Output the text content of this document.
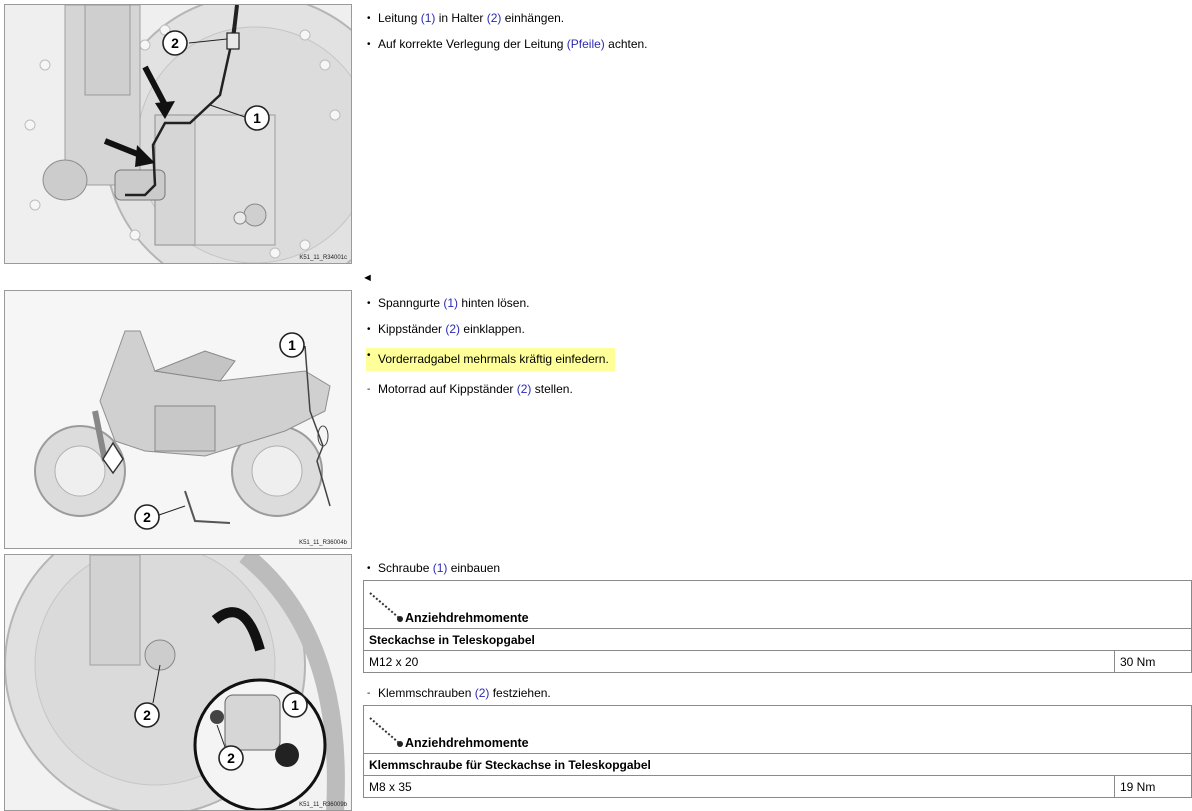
1
2
K51_11_R34001c
• Leitung (1) in Halter (2) einhängen.
• Auf korrekte Verlegung der Leitung (Pfeile) achten.
◄
1
2
K51_11_R36004b
• Spanngurte (1) hinten lösen.
• Kippständer (2) einklappen.
• Vorderradgabel mehrmals kräftig einfedern.
- Motorrad auf Kippständer (2) stellen.
1
2
2
K51_11_R36009b
• Schraube (1) einbauen
Anziehdrehmomente
Steckachse in Teleskopgabel
M12 x 20	30 Nm
- Klemmschrauben (2) festziehen.
Anziehdrehmomente
Klemmschraube für Steckachse in Teleskopgabel
M8 x 35	19 Nm
